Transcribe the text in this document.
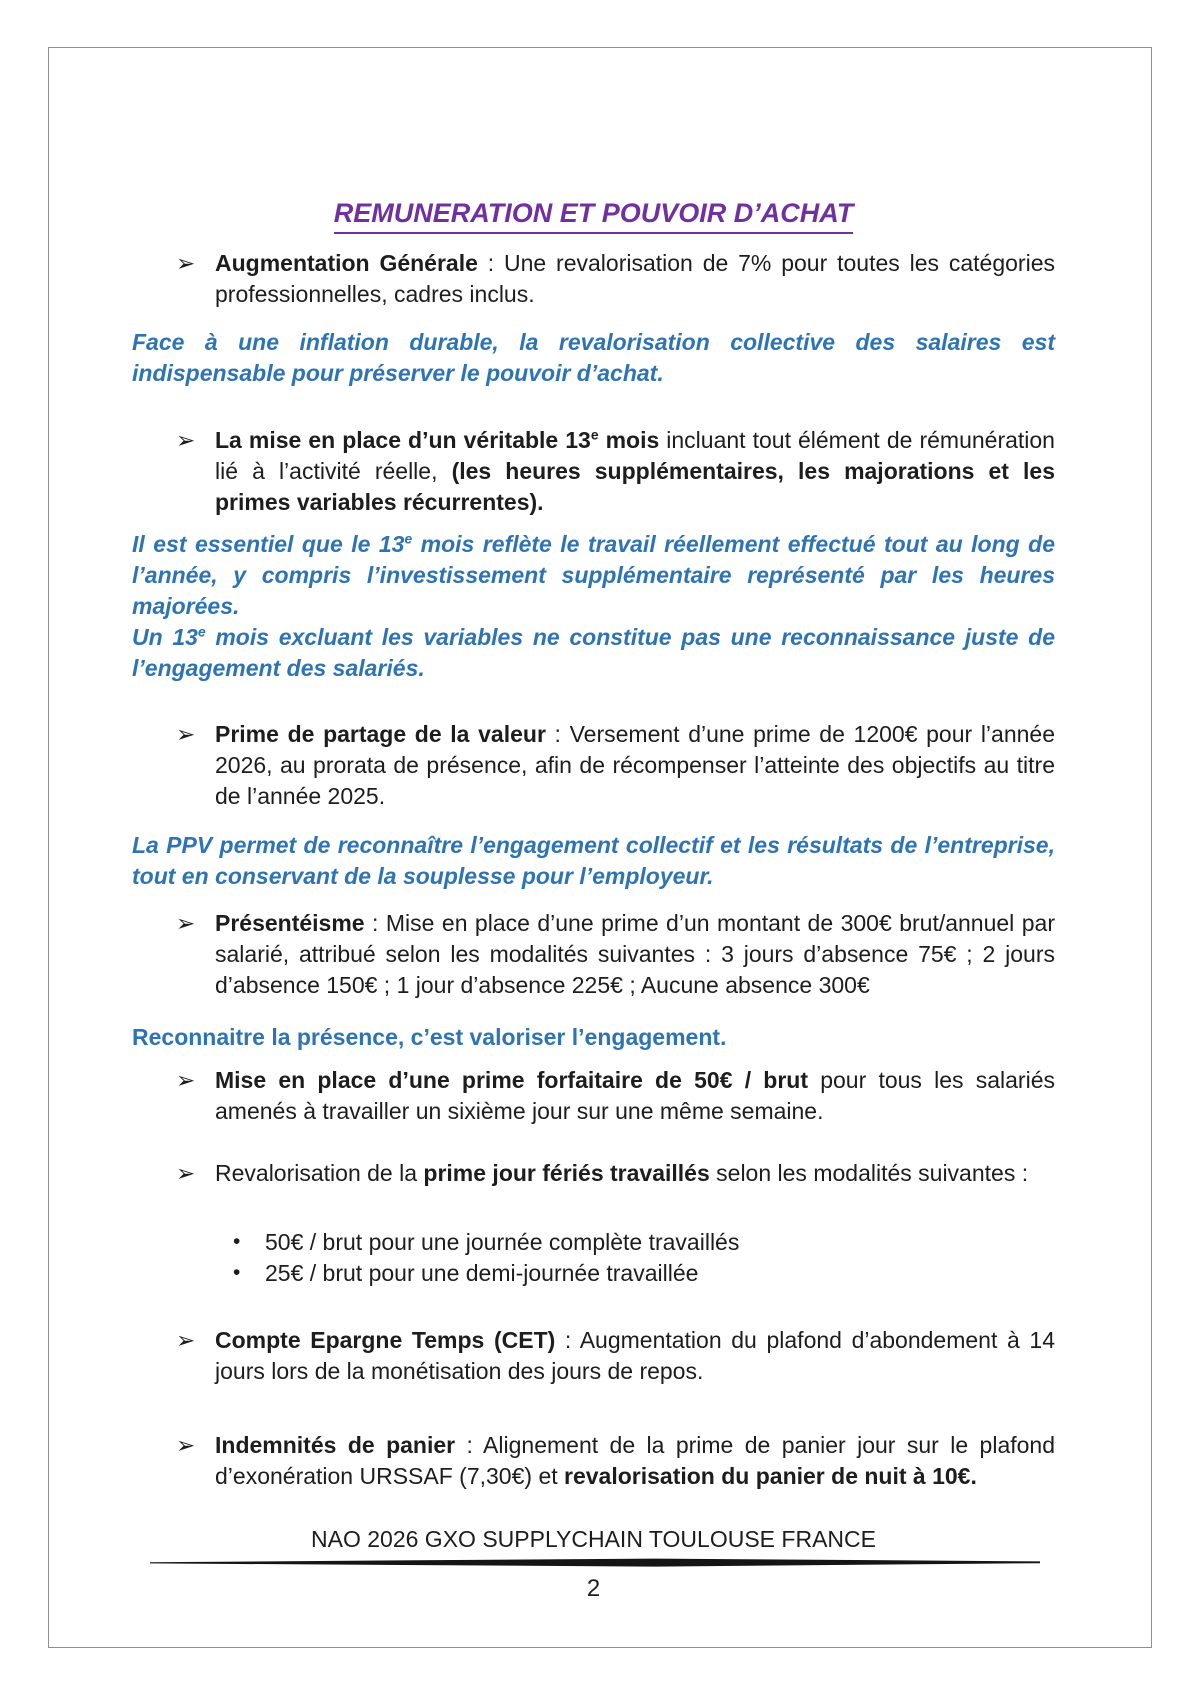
REMUNERATION ET POUVOIR D’ACHAT
➢ Augmentation Générale : Une revalorisation de 7% pour toutes les catégories professionnelles, cadres inclus.
Face à une inflation durable, la revalorisation collective des salaires est indispensable pour préserver le pouvoir d’achat.
➢ La mise en place d’un véritable 13e mois incluant tout élément de rémunération lié à l’activité réelle, (les heures supplémentaires, les majorations et les primes variables récurrentes).
Il est essentiel que le 13e mois reflète le travail réellement effectué tout au long de l’année, y compris l’investissement supplémentaire représenté par les heures majorées.
Un 13e mois excluant les variables ne constitue pas une reconnaissance juste de l’engagement des salariés.
➢ Prime de partage de la valeur : Versement d’une prime de 1200€ pour l’année 2026, au prorata de présence, afin de récompenser l’atteinte des objectifs au titre de l’année 2025.
La PPV permet de reconnaître l’engagement collectif et les résultats de l’entreprise, tout en conservant de la souplesse pour l’employeur.
➢ Présentéisme : Mise en place d’une prime d’un montant de 300€ brut/annuel par salarié, attribué selon les modalités suivantes : 3 jours d’absence 75€ ; 2 jours d’absence 150€ ; 1 jour d’absence 225€ ; Aucune absence 300€
Reconnaitre la présence, c’est valoriser l’engagement.
➢ Mise en place d’une prime forfaitaire de 50€ / brut pour tous les salariés amenés à travailler un sixième jour sur une même semaine.
➢ Revalorisation de la prime jour fériés travaillés selon les modalités suivantes :
• 50€ / brut pour une journée complète travaillés
• 25€ / brut pour une demi-journée travaillée
➢ Compte Epargne Temps (CET) : Augmentation du plafond d’abondement à 14 jours lors de la monétisation des jours de repos.
➢ Indemnités de panier : Alignement de la prime de panier jour sur le plafond d’exonération URSSAF (7,30€) et revalorisation du panier de nuit à 10€.
NAO 2026 GXO SUPPLYCHAIN TOULOUSE FRANCE
2
